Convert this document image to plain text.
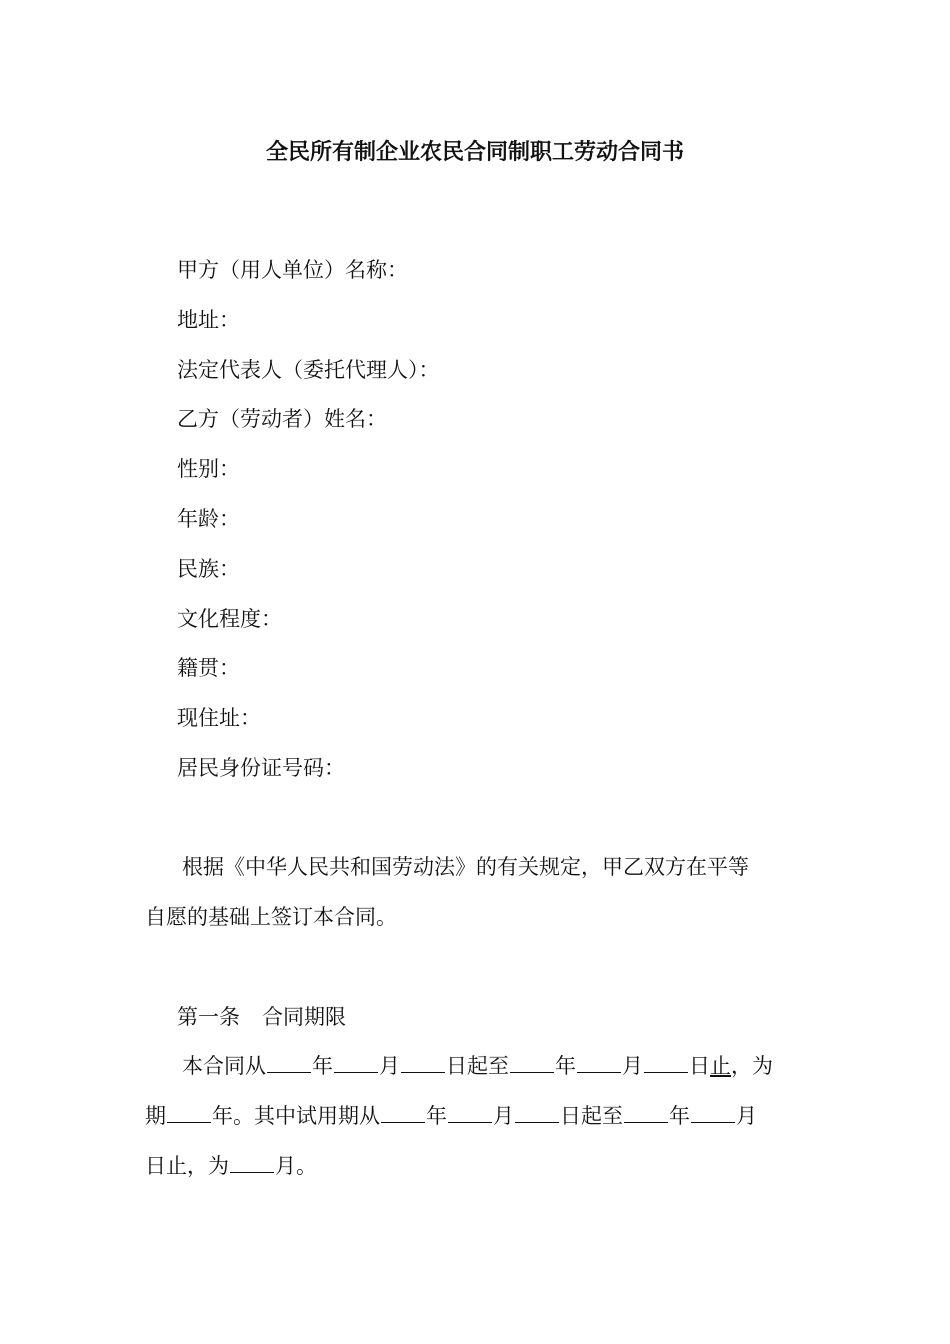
全民所有制企业农民合同制职工劳动合同书
甲方（用人单位）名称：
地址：
法定代表人（委托代理人）：
乙方（劳动者）姓名：
性别：
年龄：
民族：
文化程度：
籍贯：
现住址：
居民身份证号码：
根据《中华人民共和国劳动法》的有关规定，甲乙双方在平等
自愿的基础上签订本合同。
第一条 合同期限
本合同从 年 月 日起至 年 月 日止，为
期 年。其中试用期从 年 月 日起至 年 月
日止，为 月。
